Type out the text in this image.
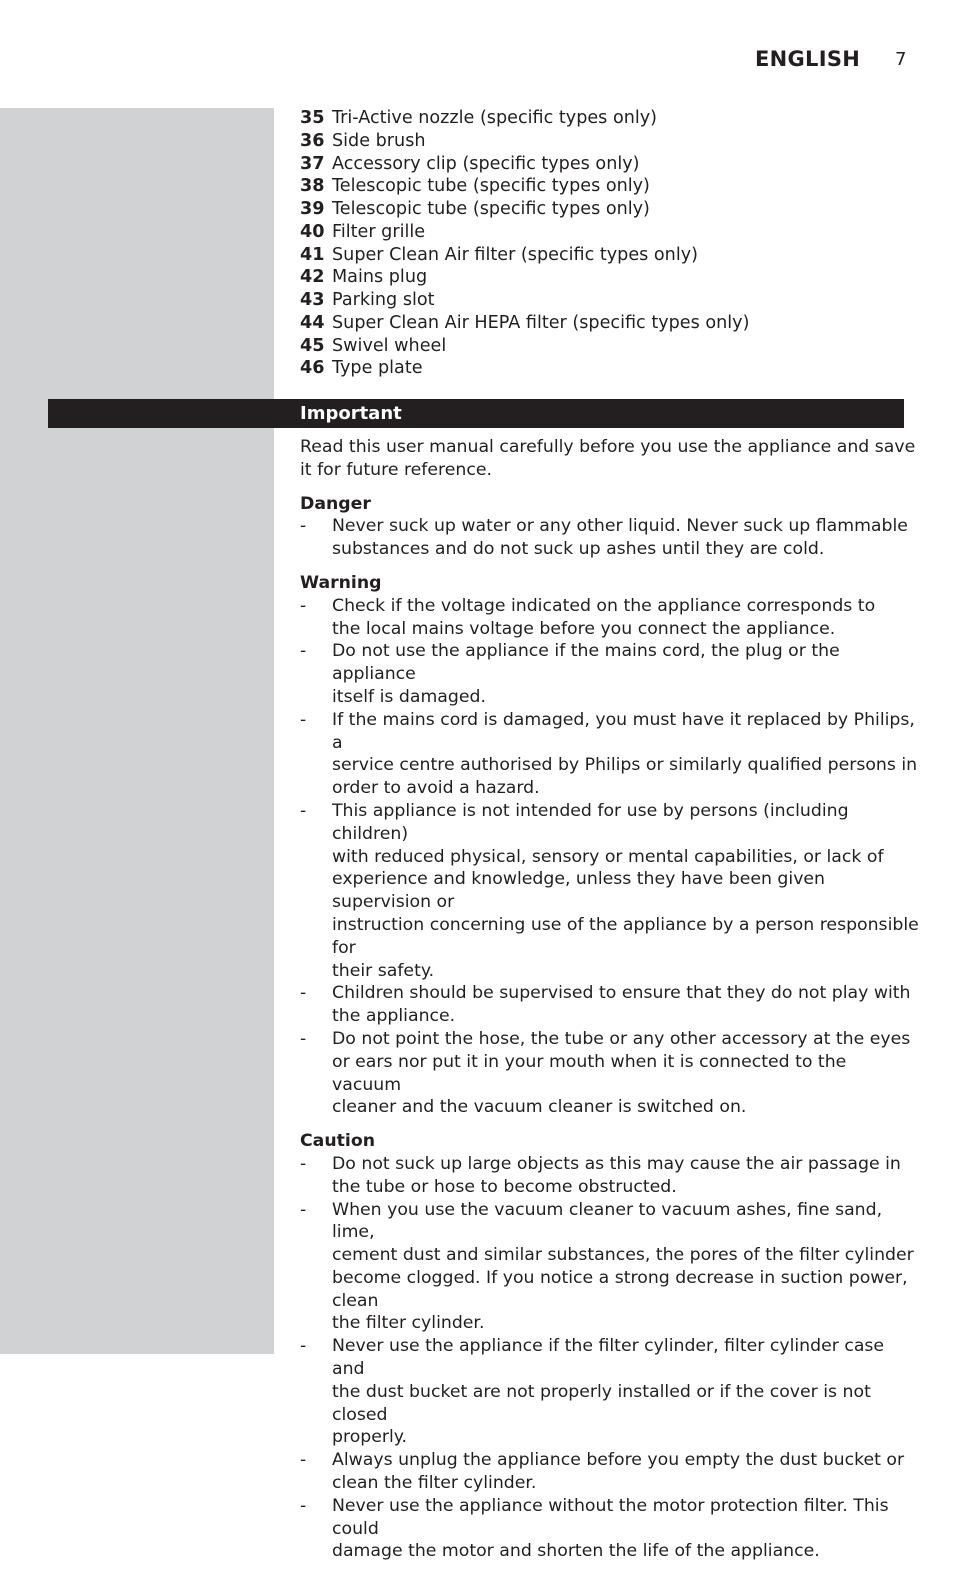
ENGLISH 7
35 Tri-Active nozzle (specific types only)
36 Side brush
37 Accessory clip (specific types only)
38 Telescopic tube (specific types only)
39 Telescopic tube (specific types only)
40 Filter grille
41 Super Clean Air filter (specific types only)
42 Mains plug
43 Parking slot
44 Super Clean Air HEPA filter (specific types only)
45 Swivel wheel
46 Type plate
Important

Read this user manual carefully before you use the appliance and save
it for future reference.

Danger

- Never suck up water or any other liquid. Never suck up flammable
substances and do not suck up ashes until they are cold.

Warning

- Check if the voltage indicated on the appliance corresponds to
the local mains voltage before you connect the appliance.
- Do not use the appliance if the mains cord, the plug or the appliance
itself is damaged.
- If the mains cord is damaged, you must have it replaced by Philips, a
service centre authorised by Philips or similarly qualified persons in
order to avoid a hazard.
- This appliance is not intended for use by persons (including children)
with reduced physical, sensory or mental capabilities, or lack of
experience and knowledge, unless they have been given supervision or
instruction concerning use of the appliance by a person responsible for
their safety.
- Children should be supervised to ensure that they do not play with
the appliance.
- Do not point the hose, the tube or any other accessory at the eyes
or ears nor put it in your mouth when it is connected to the vacuum
cleaner and the vacuum cleaner is switched on.

Caution

- Do not suck up large objects as this may cause the air passage in
the tube or hose to become obstructed.
- When you use the vacuum cleaner to vacuum ashes, fine sand, lime,
cement dust and similar substances, the pores of the filter cylinder
become clogged. If you notice a strong decrease in suction power, clean
the filter cylinder.
- Never use the appliance if the filter cylinder, filter cylinder case and
the dust bucket are not properly installed or if the cover is not closed
properly.
- Always unplug the appliance before you empty the dust bucket or
clean the filter cylinder.
- Never use the appliance without the motor protection filter. This could
damage the motor and shorten the life of the appliance.
